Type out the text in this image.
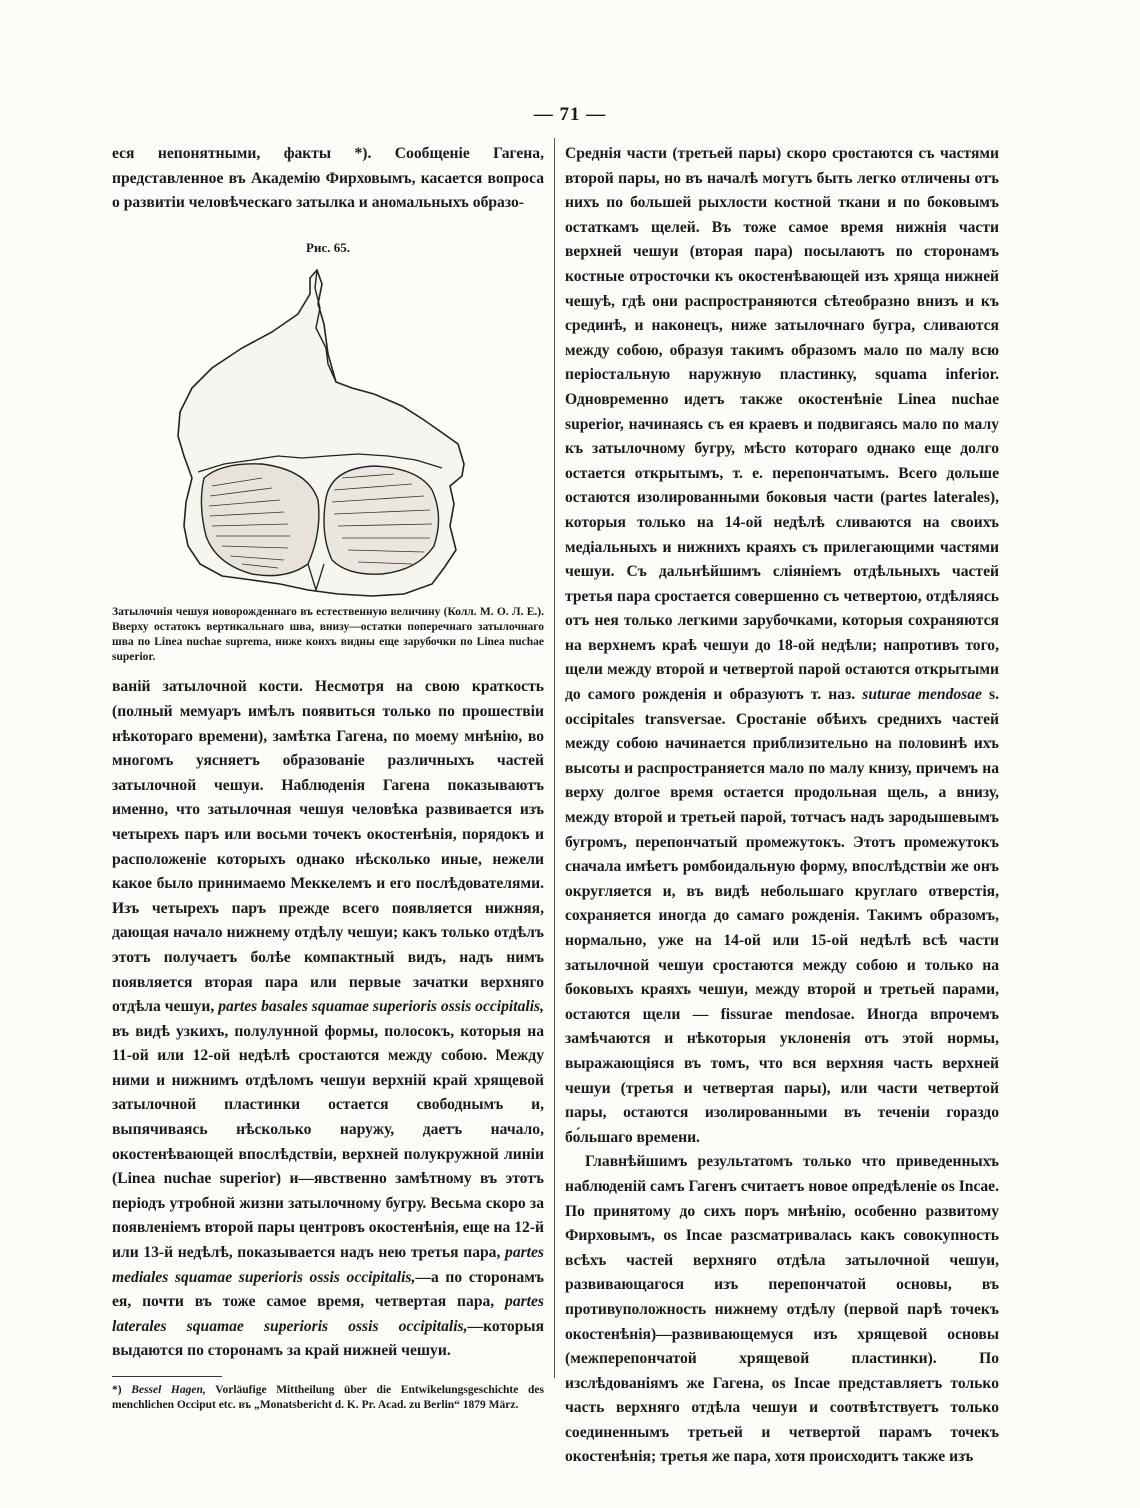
— 71 —

еся непонятными, факты *). Сообщеніе Гагена, представленное въ Академію Фирховымъ, касается вопроса о развитіи человѣческаго затылка и аномальныхъ образо-

Рис. 65.
Затылочнія чешуя новорожденнаго въ естественную величину (Колл. М. О. Л. Е.). Вверху остатокъ вертикальнаго шва, внизу—остатки поперечнаго затылочнаго шва по Linea nuchae suprema, ниже коихъ видны еще зарубочки по Linea nuchae superior.

ваній затылочной кости. Несмотря на свою краткость (полный мемуаръ имѣлъ появиться только по прошествіи нѣкотораго времени), замѣтка Гагена, по моему мнѣнію, во многомъ уясняетъ образованіе различныхъ частей затылочной чешуи. Наблюденія Гагена показываютъ именно, что затылочная чешуя человѣка развивается изъ четырехъ паръ или восьми точекъ окостенѣнія, порядокъ и расположеніе которыхъ однако нѣсколько иные, нежели какое было принимаемо Меккелемъ и его послѣдователями. Изъ четырехъ паръ прежде всего появляется нижняя, дающая начало нижнему отдѣлу чешуи; какъ только отдѣлъ этотъ получаетъ болѣе компактный видъ, надъ нимъ появляется вторая пара или первые зачатки верхняго отдѣла чешуи, partes basales squamae superioris ossis occipitalis, въ видѣ узкихъ, полулунной формы, полосокъ, которыя на 11-ой или 12-ой недѣлѣ сростаются между собою. Между ними и нижнимъ отдѣломъ чешуи верхній край хрящевой затылочной пластинки остается свободнымъ и, выпячиваясь нѣсколько наружу, даетъ начало, окостенѣвающей впослѣдствіи, верхней полукружной линіи (Linea nuchae superior) и—явственно замѣтному въ этотъ періодъ утробной жизни затылочному бугру. Весьма скоро за появленіемъ второй пары центровъ окостенѣнія, еще на 12-й или 13-й недѣлѣ, показывается надъ нею третья пара, partes mediales squamae superioris ossis occipitalis,—а по сторонамъ ея, почти въ тоже самое время, четвертая пара, partes laterales squamae superioris ossis occipitalis,—которыя выдаются по сторонамъ за край нижней чешуи.

*) Bessel Hagen, Vorläufige Mittheilung über die Entwikelungsgeschichte des menchlichen Occiput etc. въ „Monatsbericht d. K. Pr. Acad. zu Berlin“ 1879 März.

Среднія части (третьей пары) скоро сростаются съ частями второй пары, но въ началѣ могутъ быть легко отличены отъ нихъ по большей рыхлости костной ткани и по боковымъ остаткамъ щелей. Въ тоже самое время нижнія части верхней чешуи (вторая пара) посылаютъ по сторонамъ костные отросточки къ окостенѣвающей изъ хряща нижней чешуѣ, гдѣ они распространяются сѣтеобразно внизъ и къ срединѣ, и наконецъ, ниже затылочнаго бугра, сливаются между собою, образуя такимъ образомъ мало по малу всю періостальную наружную пластинку, squama inferior. Одновременно идетъ также окостенѣніе Linea nuchae superior, начинаясь съ ея краевъ и подвигаясь мало по малу къ затылочному бугру, мѣсто котораго однако еще долго остается открытымъ, т. е. перепончатымъ. Всего дольше остаются изолированными боковыя части (partes laterales), которыя только на 14-ой недѣлѣ сливаются на своихъ медіальныхъ и нижнихъ краяхъ съ прилегающими частями чешуи. Съ дальнѣйшимъ сліяніемъ отдѣльныхъ частей третья пара сростается совершенно съ четвертою, отдѣляясь отъ нея только легкими зарубочками, которыя сохраняются на верхнемъ краѣ чешуи до 18-ой недѣли; напротивъ того, щели между второй и четвертой парой остаются открытыми до самого рожденія и образуютъ т. наз. suturae mendosae s. occipitales transversae. Сростаніе обѣихъ среднихъ частей между собою начинается приблизительно на половинѣ ихъ высоты и распространяется мало по малу книзу, причемъ на верху долгое время остается продольная щель, а внизу, между второй и третьей парой, тотчасъ надъ зародышевымъ бугромъ, перепончатый промежутокъ. Этотъ промежутокъ сначала имѣетъ ромбоидальную форму, впослѣдствіи же онъ округляется и, въ видѣ небольшаго круглаго отверстія, сохраняется иногда до самаго рожденія. Такимъ образомъ, нормально, уже на 14-ой или 15-ой недѣлѣ всѣ части затылочной чешуи сростаются между собою и только на боковыхъ краяхъ чешуи, между второй и третьей парами, остаются щели — fissurae mendosae. Иногда впрочемъ замѣчаются и нѣкоторыя уклоненія отъ этой нормы, выражающіяся въ томъ, что вся верхняя часть верхней чешуи (третья и четвертая пары), или части четвертой пары, остаются изолированными въ теченіи гораздо бо́льшаго времени.

Главнѣйшимъ результатомъ только что приведенныхъ наблюденій самъ Гагенъ считаетъ новое опредѣленіе os Incae. По принятому до сихъ поръ мнѣнію, особенно развитому Фирховымъ, os Incae разсматривалась какъ совокупность всѣхъ частей верхняго отдѣла затылочной чешуи, развивающагося изъ перепончатой основы, въ противуположность нижнему отдѣлу (первой парѣ точекъ окостенѣнія)—развивающемуся изъ хрящевой основы (межперепончатой хрящевой пластинки). По изслѣдованіямъ же Гагена, os Incae представляетъ только часть верхняго отдѣла чешуи и соотвѣтствуетъ только соединеннымъ третьей и четвертой парамъ точекъ окостенѣнія; третья же пара, хотя происходитъ также изъ
